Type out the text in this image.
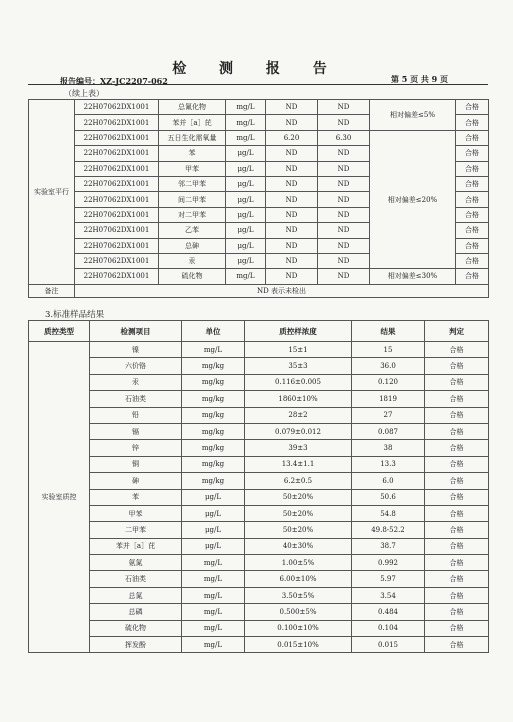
检 测 报 告
报告编号：XZ-JC2207-062	第 5 页 共 9 页
（续上表）
实验室平行	22H07062DX1001	总氰化物	mg/L	ND	ND	相对偏差≤5%	合格
	22H07062DX1001	苯并［a］芘	mg/L	ND	ND		合格
	22H07062DX1001	五日生化需氧量	mg/L	6.20	6.30	相对偏差≤20%	合格
	22H07062DX1001	苯	μg/L	ND	ND		合格
	22H07062DX1001	甲苯	μg/L	ND	ND		合格
	22H07062DX1001	邻二甲苯	μg/L	ND	ND		合格
	22H07062DX1001	间二甲苯	μg/L	ND	ND		合格
	22H07062DX1001	对二甲苯	μg/L	ND	ND		合格
	22H07062DX1001	乙苯	μg/L	ND	ND		合格
	22H07062DX1001	总砷	μg/L	ND	ND		合格
	22H07062DX1001	汞	μg/L	ND	ND		合格
	22H07062DX1001	硫化物	mg/L	ND	ND	相对偏差≤30%	合格
备注	ND 表示未检出						
3.标准样品结果
质控类型	检测项目	单位	质控样浓度	结果	判定
实验室质控	镍	mg/L	15±1	15	合格
	六价铬	mg/kg	35±3	36.0	合格
	汞	mg/kg	0.116±0.005	0.120	合格
	石油类	mg/kg	1860±10%	1819	合格
	铅	mg/kg	28±2	27	合格
	镉	mg/kg	0.079±0.012	0.087	合格
	锌	mg/kg	39±3	38	合格
	铜	mg/kg	13.4±1.1	13.3	合格
	砷	mg/kg	6.2±0.5	6.0	合格
	苯	μg/L	50±20%	50.6	合格
	甲苯	μg/L	50±20%	54.8	合格
	二甲苯	μg/L	50±20%	49.8-52.2	合格
	苯并［a］芘	μg/L	40±30%	38.7	合格
	氨氮	mg/L	1.00±5%	0.992	合格
	石油类	mg/L	6.00±10%	5.97	合格
	总氮	mg/L	3.50±5%	3.54	合格
	总磷	mg/L	0.500±5%	0.484	合格
	硫化物	mg/L	0.100±10%	0.104	合格
	挥发酚	mg/L	0.015±10%	0.015	合格
